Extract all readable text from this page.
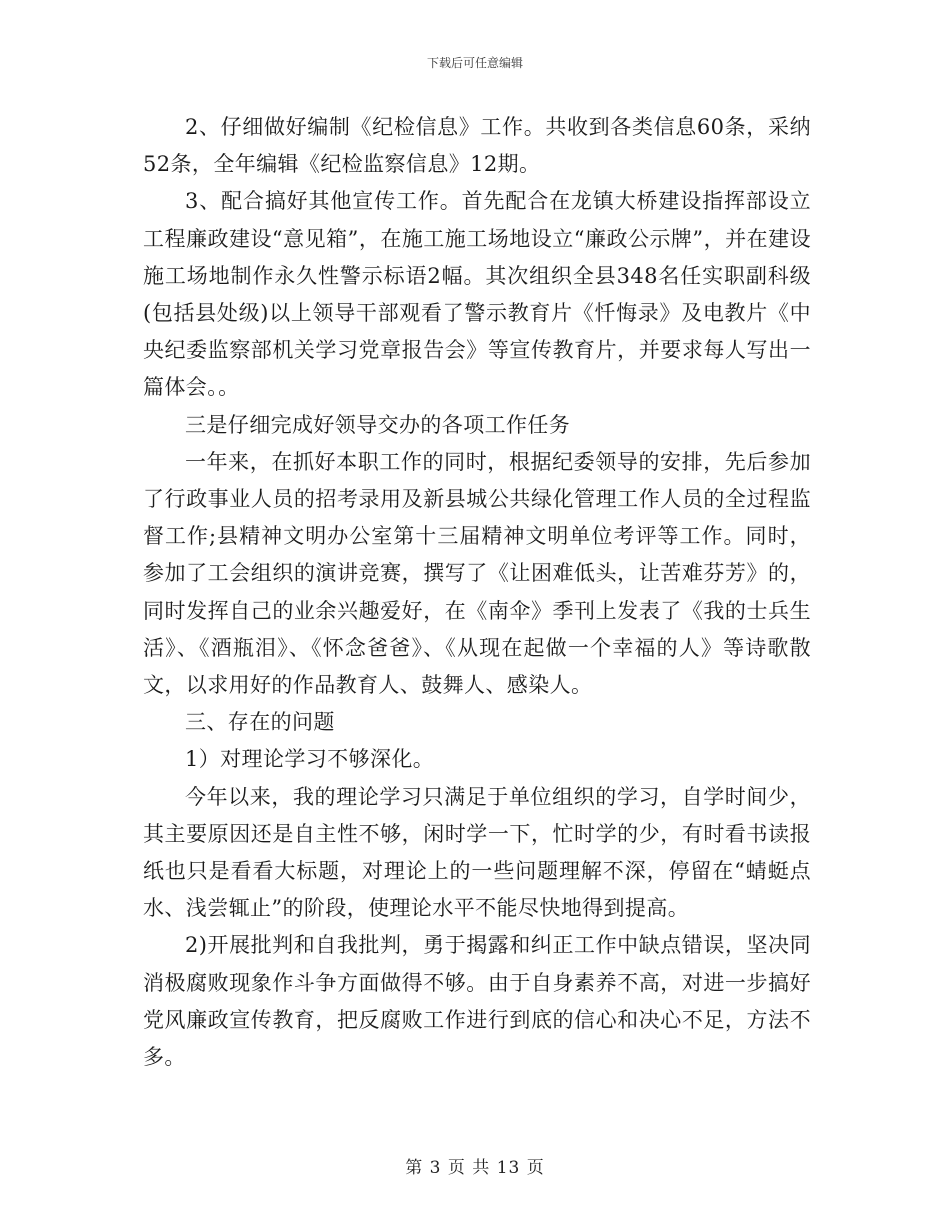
下载后可任意编辑

2、仔细做好编制《纪检信息》工作。共收到各类信息60条，采纳52条，全年编辑《纪检监察信息》12期。

3、配合搞好其他宣传工作。首先配合在龙镇大桥建设指挥部设立工程廉政建设“意见箱”，在施工施工场地设立“廉政公示牌”，并在建设施工场地制作永久性警示标语2幅。其次组织全县348名任实职副科级(包括县处级)以上领导干部观看了警示教育片《忏悔录》及电教片《中央纪委监察部机关学习党章报告会》等宣传教育片，并要求每人写出一篇体会。。

三是仔细完成好领导交办的各项工作任务

一年来，在抓好本职工作的同时，根据纪委领导的安排，先后参加了行政事业人员的招考录用及新县城公共绿化管理工作人员的全过程监督工作;县精神文明办公室第十三届精神文明单位考评等工作。同时，参加了工会组织的演讲竞赛，撰写了《让困难低头，让苦难芬芳》的，同时发挥自己的业余兴趣爱好，在《南伞》季刊上发表了《我的士兵生活》、《酒瓶泪》、《怀念爸爸》、《从现在起做一个幸福的人》等诗歌散文，以求用好的作品教育人、鼓舞人、感染人。

三、存在的问题

1）对理论学习不够深化。

今年以来，我的理论学习只满足于单位组织的学习，自学时间少，其主要原因还是自主性不够，闲时学一下，忙时学的少，有时看书读报纸也只是看看大标题，对理论上的一些问题理解不深，停留在“蜻蜓点水、浅尝辄止”的阶段，使理论水平不能尽快地得到提高。

2)开展批判和自我批判，勇于揭露和纠正工作中缺点错误，坚决同消极腐败现象作斗争方面做得不够。由于自身素养不高，对进一步搞好党风廉政宣传教育，把反腐败工作进行到底的信心和决心不足，方法不多。

第 3 页 共 13 页
